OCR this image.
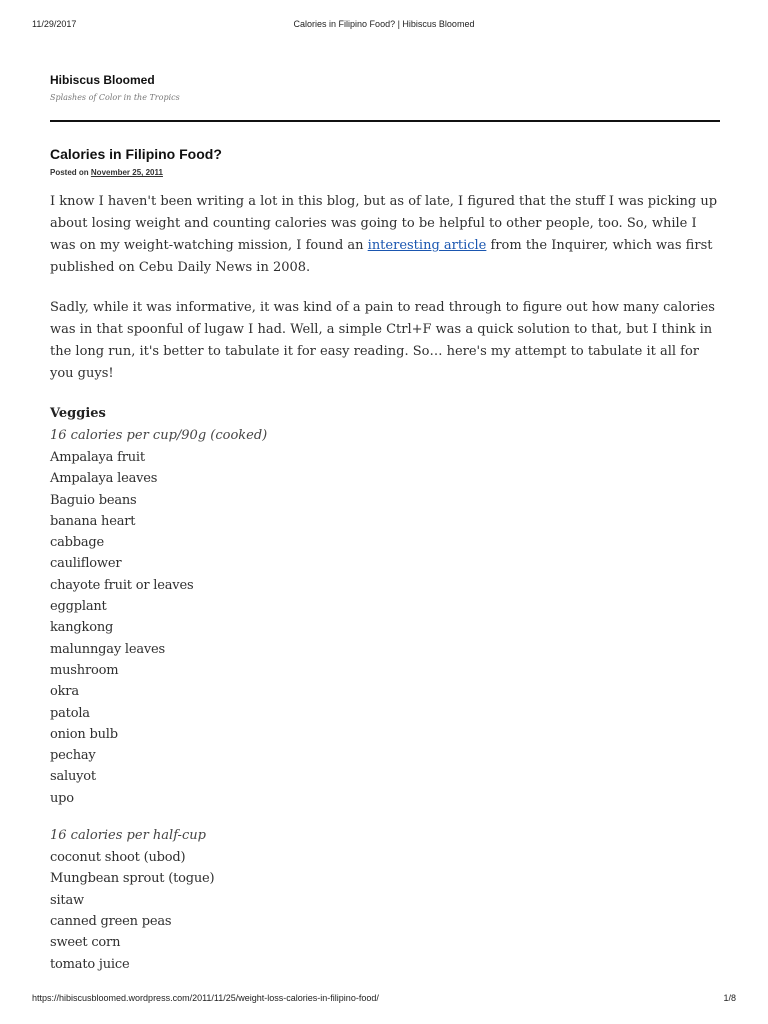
11/29/2017	Calories in Filipino Food? | Hibiscus Bloomed
Hibiscus Bloomed
Splashes of Color in the Tropics
Calories in Filipino Food?
Posted on November 25, 2011

I know I haven't been writing a lot in this blog, but as of late, I figured that the stuff I was picking up about losing weight and counting calories was going to be helpful to other people, too. So, while I was on my weight-watching mission, I found an interesting article from the Inquirer, which was first published on Cebu Daily News in 2008.

Sadly, while it was informative, it was kind of a pain to read through to figure out how many calories was in that spoonful of lugaw I had. Well, a simple Ctrl+F was a quick solution to that, but I think in the long run, it's better to tabulate it for easy reading. So… here's my attempt to tabulate it all for you guys!

Veggies
16 calories per cup/90g (cooked)
Ampalaya fruit
Ampalaya leaves
Baguio beans
banana heart
cabbage
cauliflower
chayote fruit or leaves
eggplant
kangkong
malunngay leaves
mushroom
okra
patola
onion bulb
pechay
saluyot
upo
16 calories per half-cup
coconut shoot (ubod)
Mungbean sprout (togue)
sitaw
canned green peas
sweet corn
tomato juice
https://hibiscusbloomed.wordpress.com/2011/11/25/weight-loss-calories-in-filipino-food/	1/8
